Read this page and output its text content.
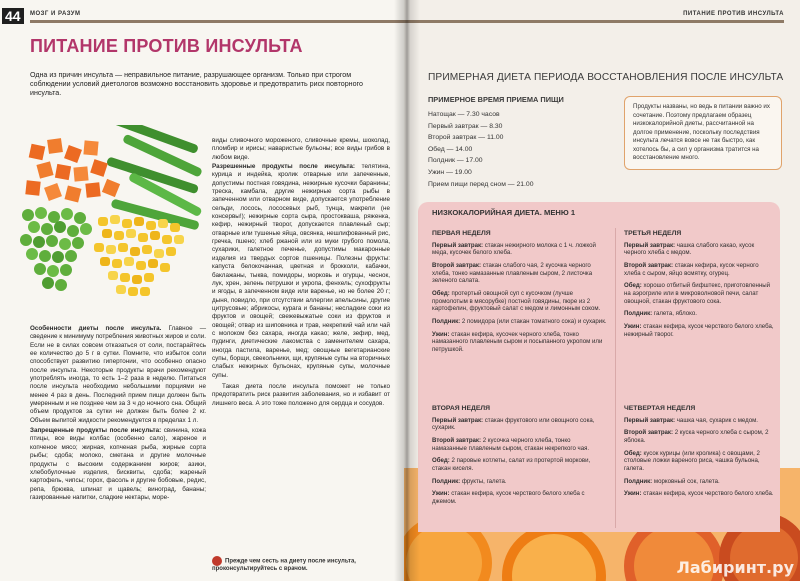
44	МОЗГ И РАЗУМ
ПИТАНИЕ ПРОТИВ ИНСУЛЬТА
Одна из причин инсульта — неправильное питание, разрушающее организм. Только при строгом соблюдении условий диетологов возможно восстановить здоровье и предотвратить риск повторного инсульта.

Особенности диеты после инсульта. Главное — сведение к минимуму потребления животных жиров и соли. Если не в силах совсем отказаться от соли, постарайтесь ее количество до 5 г в сутки. Помните, что избыток соли способствует развитию гипертонии, что особенно опасно после инсульта. Некоторые продукты врачи рекомендуют употреблять иногда, то есть 1–2 раза в неделю. Питаться после инсульта необходимо небольшими порциями не менее 4 раз в день. Последний прием пищи должен быть умеренным и не позднее чем за 3 ч до ночного сна. Общий объем продуктов за сутки не должен быть более 2 кг. Объем выпитой жидкости рекомендуется в пределах 1 л.

Запрещенные продукты после инсульта: свинина, кожа птицы, все виды колбас (особенно сало), жареное и копченое мясо; жирная, копченая рыба, жирные сорта рыбы; сдоба; молоко, сметана и другие молочные продукты с высоким содержанием жиров; азики, хлебобулочные изделия, бисквиты, сдоба; жареный картофель, чипсы; горох, фасоль и другие бобовые, редис, репа, брюква, шпинат и щавель; виноград, бананы; газированные напитки, сладкие нектары, море-

виды сливочного мороженого, сливочные кремы, шоколад, пломбир и ирисы; наваристые бульоны; все виды грибов в любом виде.

Разрешенные продукты после инсульта: телятина, курица и индейка, кролик отварные или запеченные, допустимы постная говядина, нежирные кусочки баранины; треска, камбала, другие нежирные сорта рыбы в запеченном или отварном виде, допускается употребление сельди, лосось, лососевых рыб, тунца, макрели (не консервы!); нежирные сорта сыра, простокваша, ряженка, кефир, нежирный творог, допускается плавленый сыр; отварные или тушеные яйца, овсянка, нешлифованный рис, гречка, пшено; хлеб ржаной или из муки грубого помола, сухарики, галетное печенье, допустимы макаронные изделия из твердых сортов пшеницы. Полезны фрукты: капуста белокочанная, цветная и брокколи, кабачки, баклажаны, тыква, помидоры, морковь и огурцы, чеснок, лук, хрен, зелень петрушки и укропа, фенхель; сухофрукты и ягоды, в запеченном виде или варенье, но не более 20 г; дыня, повидло, при отсутствии аллергии апельсины, другие цитрусовые; абрикосы, курага и бананы; несладкие соки из фруктов и овощей; свежевыжатые соки из фруктов и овощей; отвар из шиповника и трав, некрепкий чай или чай с молоком без сахара, иногда какао; желе, зефир, мед, пудинги, диетические лакомства с заменителем сахара, иногда пастила, варенье, мед; овощные вегетарианские супы, борщи, свекольники, щи, крупяные супы на вторичных слабых нежирных бульонах, крупяные супы, молочные супы.

Такая диета после инсульта поможет не только предотвратить риск развития заболевания, но и избавит от лишнего веса. А это тоже положено для сердца и сосудов.

Прежде чем сесть на диету после инсульта, проконсультируйтесь с врачом.
ПИТАНИЕ ПРОТИВ ИНСУЛЬТА
ПРИМЕРНАЯ ДИЕТА ПЕРИОДА ВОССТАНОВЛЕНИЯ ПОСЛЕ ИНСУЛЬТА
ПРИМЕРНОЕ ВРЕМЯ ПРИЕМА ПИЩИ
Натощак — 7.30 часов
Первый завтрак — 8.30
Второй завтрак — 11.00
Обед — 14.00
Полдник — 17.00
Ужин — 19.00
Прием пищи перед сном — 21.00
Продукты названы, но ведь в питании важно их сочетание. Поэтому предлагаем образец низкокалорийной диеты, рассчитанной на долгое применение, поскольку последствия инсульта лечатся вовсе не так быстро, как хотелось бы, а сил у организма тратится на восстановление много.
НИЗКОКАЛОРИЙНАЯ ДИЕТА. МЕНЮ 1
ПЕРВАЯ НЕДЕЛЯ
Первый завтрак: стакан нежирного молока с 1 ч. ложкой меда, кусочек белого хлеба.
Второй завтрак: стакан слабого чая, 2 кусочка черного хлеба, тонко намазанные плавленым сыром, 2 листочка зеленого салата.
Обед: протертый овощной суп с кусочком (лучше промолотым в мясорубке) постной говядины, пюре из 2 картофелин, фруктовый салат с медом и лимонным соком.
Полдник: 2 помидора (или стакан томатного сока) и сухарик.
Ужин: стакан кефира, кусочек черного хлеба, тонко намазанного плавленым сыром и посыпанного укропом или петрушкой.
ТРЕТЬЯ НЕДЕЛЯ
Первый завтрак: чашка слабого какао, кусок черного хлеба с медом.
Второй завтрак: стакан кефира, кусок черного хлеба с сыром, яйцо всмятку, огурец.
Обед: хорошо отбитый бифштекс, приготовленный на аэрогриле или в микроволновой печи, салат овощной, стакан фруктового сока.
Полдник: галета, яблоко.
Ужин: стакан кефира, кусок черствого белого хлеба, нежирный творог.
ВТОРАЯ НЕДЕЛЯ
Первый завтрак: стакан фруктового или овощного сока, сухарик.
Второй завтрак: 2 кусочка черного хлеба, тонко намазанные плавленым сыром, стакан некрепкого чая.
Обед: 2 паровые котлеты, салат из протертой моркови, стакан киселя.
Полдник: фрукты, галета.
Ужин: стакан кефира, кусок черствого белого хлеба с джемом.
ЧЕТВЕРТАЯ НЕДЕЛЯ
Первый завтрак: чашка чая, сухарик с медом.
Второй завтрак: 2 куска черного хлеба с сыром, 2 яблока.
Обед: кусок курицы (или кролика) с овощами, 2 столовые ложки вареного риса, чашка бульона, галета.
Полдник: морковный сок, галета.
Ужин: стакан кефира, кусок черствого белого хлеба.
Лабиринт.ру
